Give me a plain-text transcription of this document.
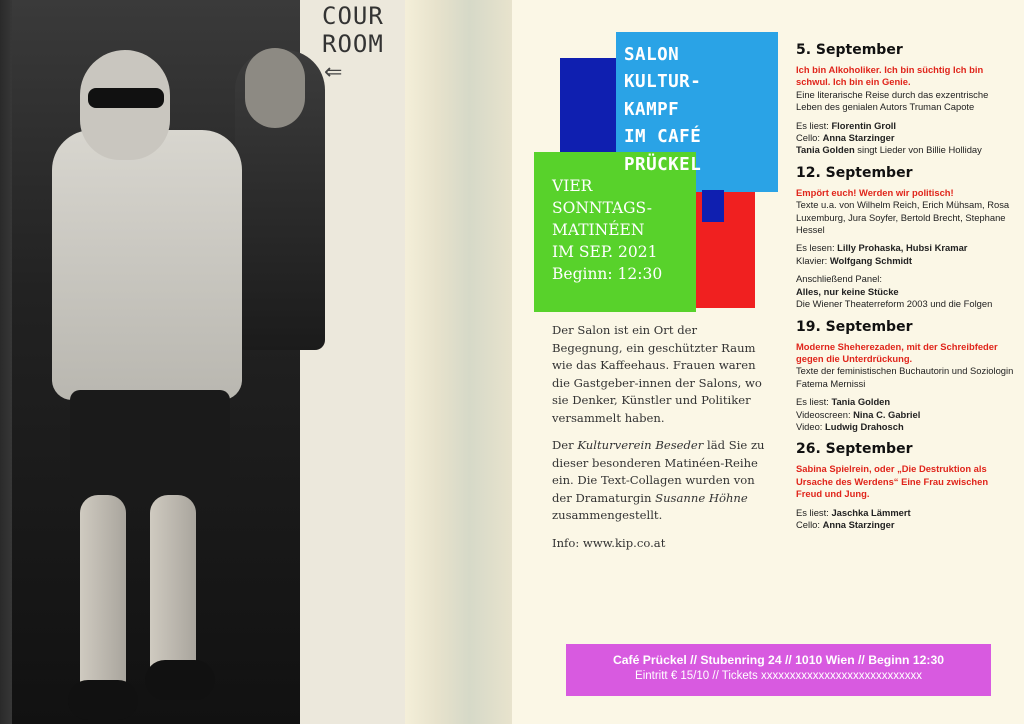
COUR
ROOM
⇐
SALON
KULTUR-
KAMPF
IM CAFÉ
PRÜCKEL
VIER
SONNTAGS-
MATINÉEN
IM SEP. 2021
Beginn: 12:30

Der Salon ist ein Ort der Begegnung, ein geschützter Raum wie das Kaffeehaus. Frauen waren die Gastgeber-innen der Salons, wo sie Denker, Künstler und Politiker versammelt haben.

Der Kulturverein Beseder läd Sie zu dieser besonderen Matinéen-Reihe ein. Die Text-Collagen wurden von der Dramaturgin Susanne Höhne zusammengestellt.

Info: www.kip.co.at

5. September
Ich bin Alkoholiker. Ich bin süchtig Ich bin schwul. Ich bin ein Genie.
Eine literarische Reise durch das exzentrische Leben des genialen Autors Truman Capote
Es liest: Florentin Groll
Cello: Anna Starzinger
Tania Golden singt Lieder von Billie Holliday
12. September
Empört euch! Werden wir politisch!
Texte u.a. von Wilhelm Reich, Erich Mühsam, Rosa Luxemburg, Jura Soyfer, Bertold Brecht, Stephane Hessel
Es lesen: Lilly Prohaska, Hubsi Kramar
Klavier: Wolfgang Schmidt
Anschließend Panel:
Alles, nur keine Stücke
Die Wiener Theaterreform 2003 und die Folgen
19. September
Moderne Sheherezaden, mit der Schreibfeder gegen die Unterdrückung.
Texte der feministischen Buchautorin und Soziologin Fatema Mernissi
Es liest: Tania Golden
Videoscreen: Nina C. Gabriel
Video: Ludwig Drahosch
26. September
Sabina Spielrein, oder „Die Destruktion als Ursache des Werdens“ Eine Frau zwischen Freud und Jung.
Es liest: Jaschka Lämmert
Cello: Anna Starzinger
Café Prückel // Stubenring 24 // 1010 Wien // Beginn 12:30
Eintritt € 15/10 // Tickets xxxxxxxxxxxxxxxxxxxxxxxxxxxx
